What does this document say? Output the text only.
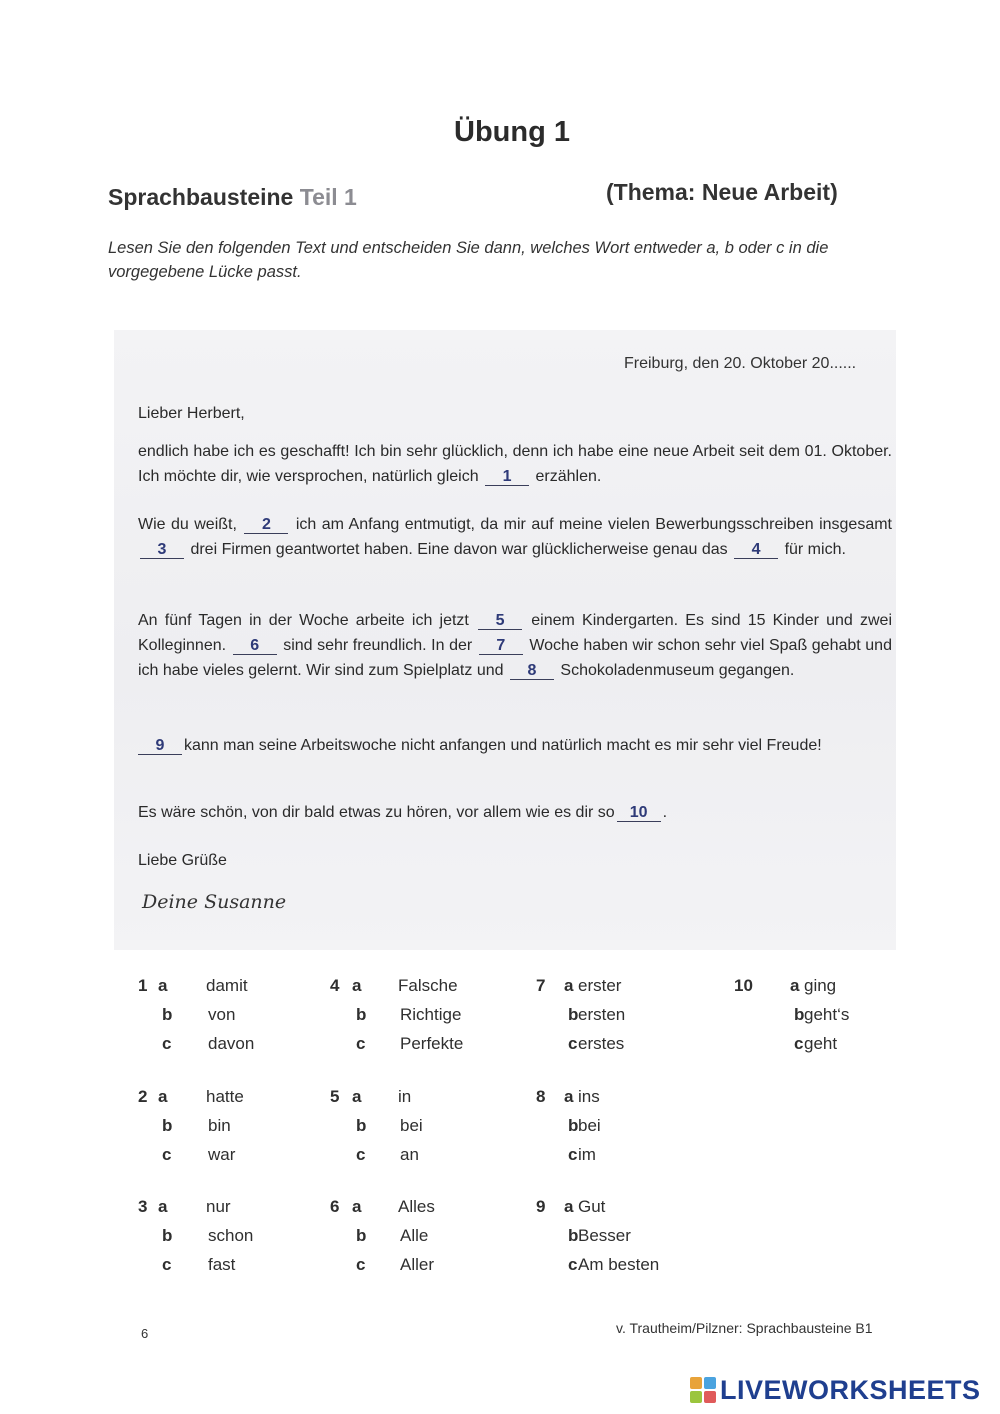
Übung 1
Sprachbausteine Teil 1	(Thema: Neue Arbeit)
Lesen Sie den folgenden Text und entscheiden Sie dann, welches Wort entweder a, b oder c in die vorgegebene Lücke passt.
Freiburg, den 20. Oktober 20......
Lieber Herbert,
endlich habe ich es geschafft! Ich bin sehr glücklich, denn ich habe eine neue Arbeit seit dem 01. Oktober. Ich möchte dir, wie versprochen, natürlich gleich 1 erzählen.
Wie du weißt, 2 ich am Anfang entmutigt, da mir auf meine vielen Bewerbungsschreiben insgesamt 3 drei Firmen geantwortet haben. Eine davon war glücklicherweise genau das 4 für mich.
An fünf Tagen in der Woche arbeite ich jetzt 5 einem Kindergarten. Es sind 15 Kinder und zwei Kolleginnen. 6 sind sehr freundlich. In der 7 Woche haben wir schon sehr viel Spaß gehabt und ich habe vieles gelernt. Wir sind zum Spielplatz und 8 Schokoladenmuseum gegangen.
9 kann man seine Arbeitswoche nicht anfangen und natürlich macht es mir sehr viel Freude!
Es wäre schön, von dir bald etwas zu hören, vor allem wie es dir so 10 .
Liebe Grüße
Deine Susanne
1 a damit
b von
c davon
2 a hatte
b bin
c war
3 a nur
b schon
c fast
4 a Falsche
b Richtige
c Perfekte
5 a in
b bei
c an
6 a Alles
b Alle
c Aller
7 a erster
b ersten
c erstes
8 a ins
b bei
c im
9 a Gut
b Besser
c Am besten
10 a ging
b geht‘s
c geht
6	v. Trautheim/Pilzner: Sprachbausteine B1
LIVEWORKSHEETS
